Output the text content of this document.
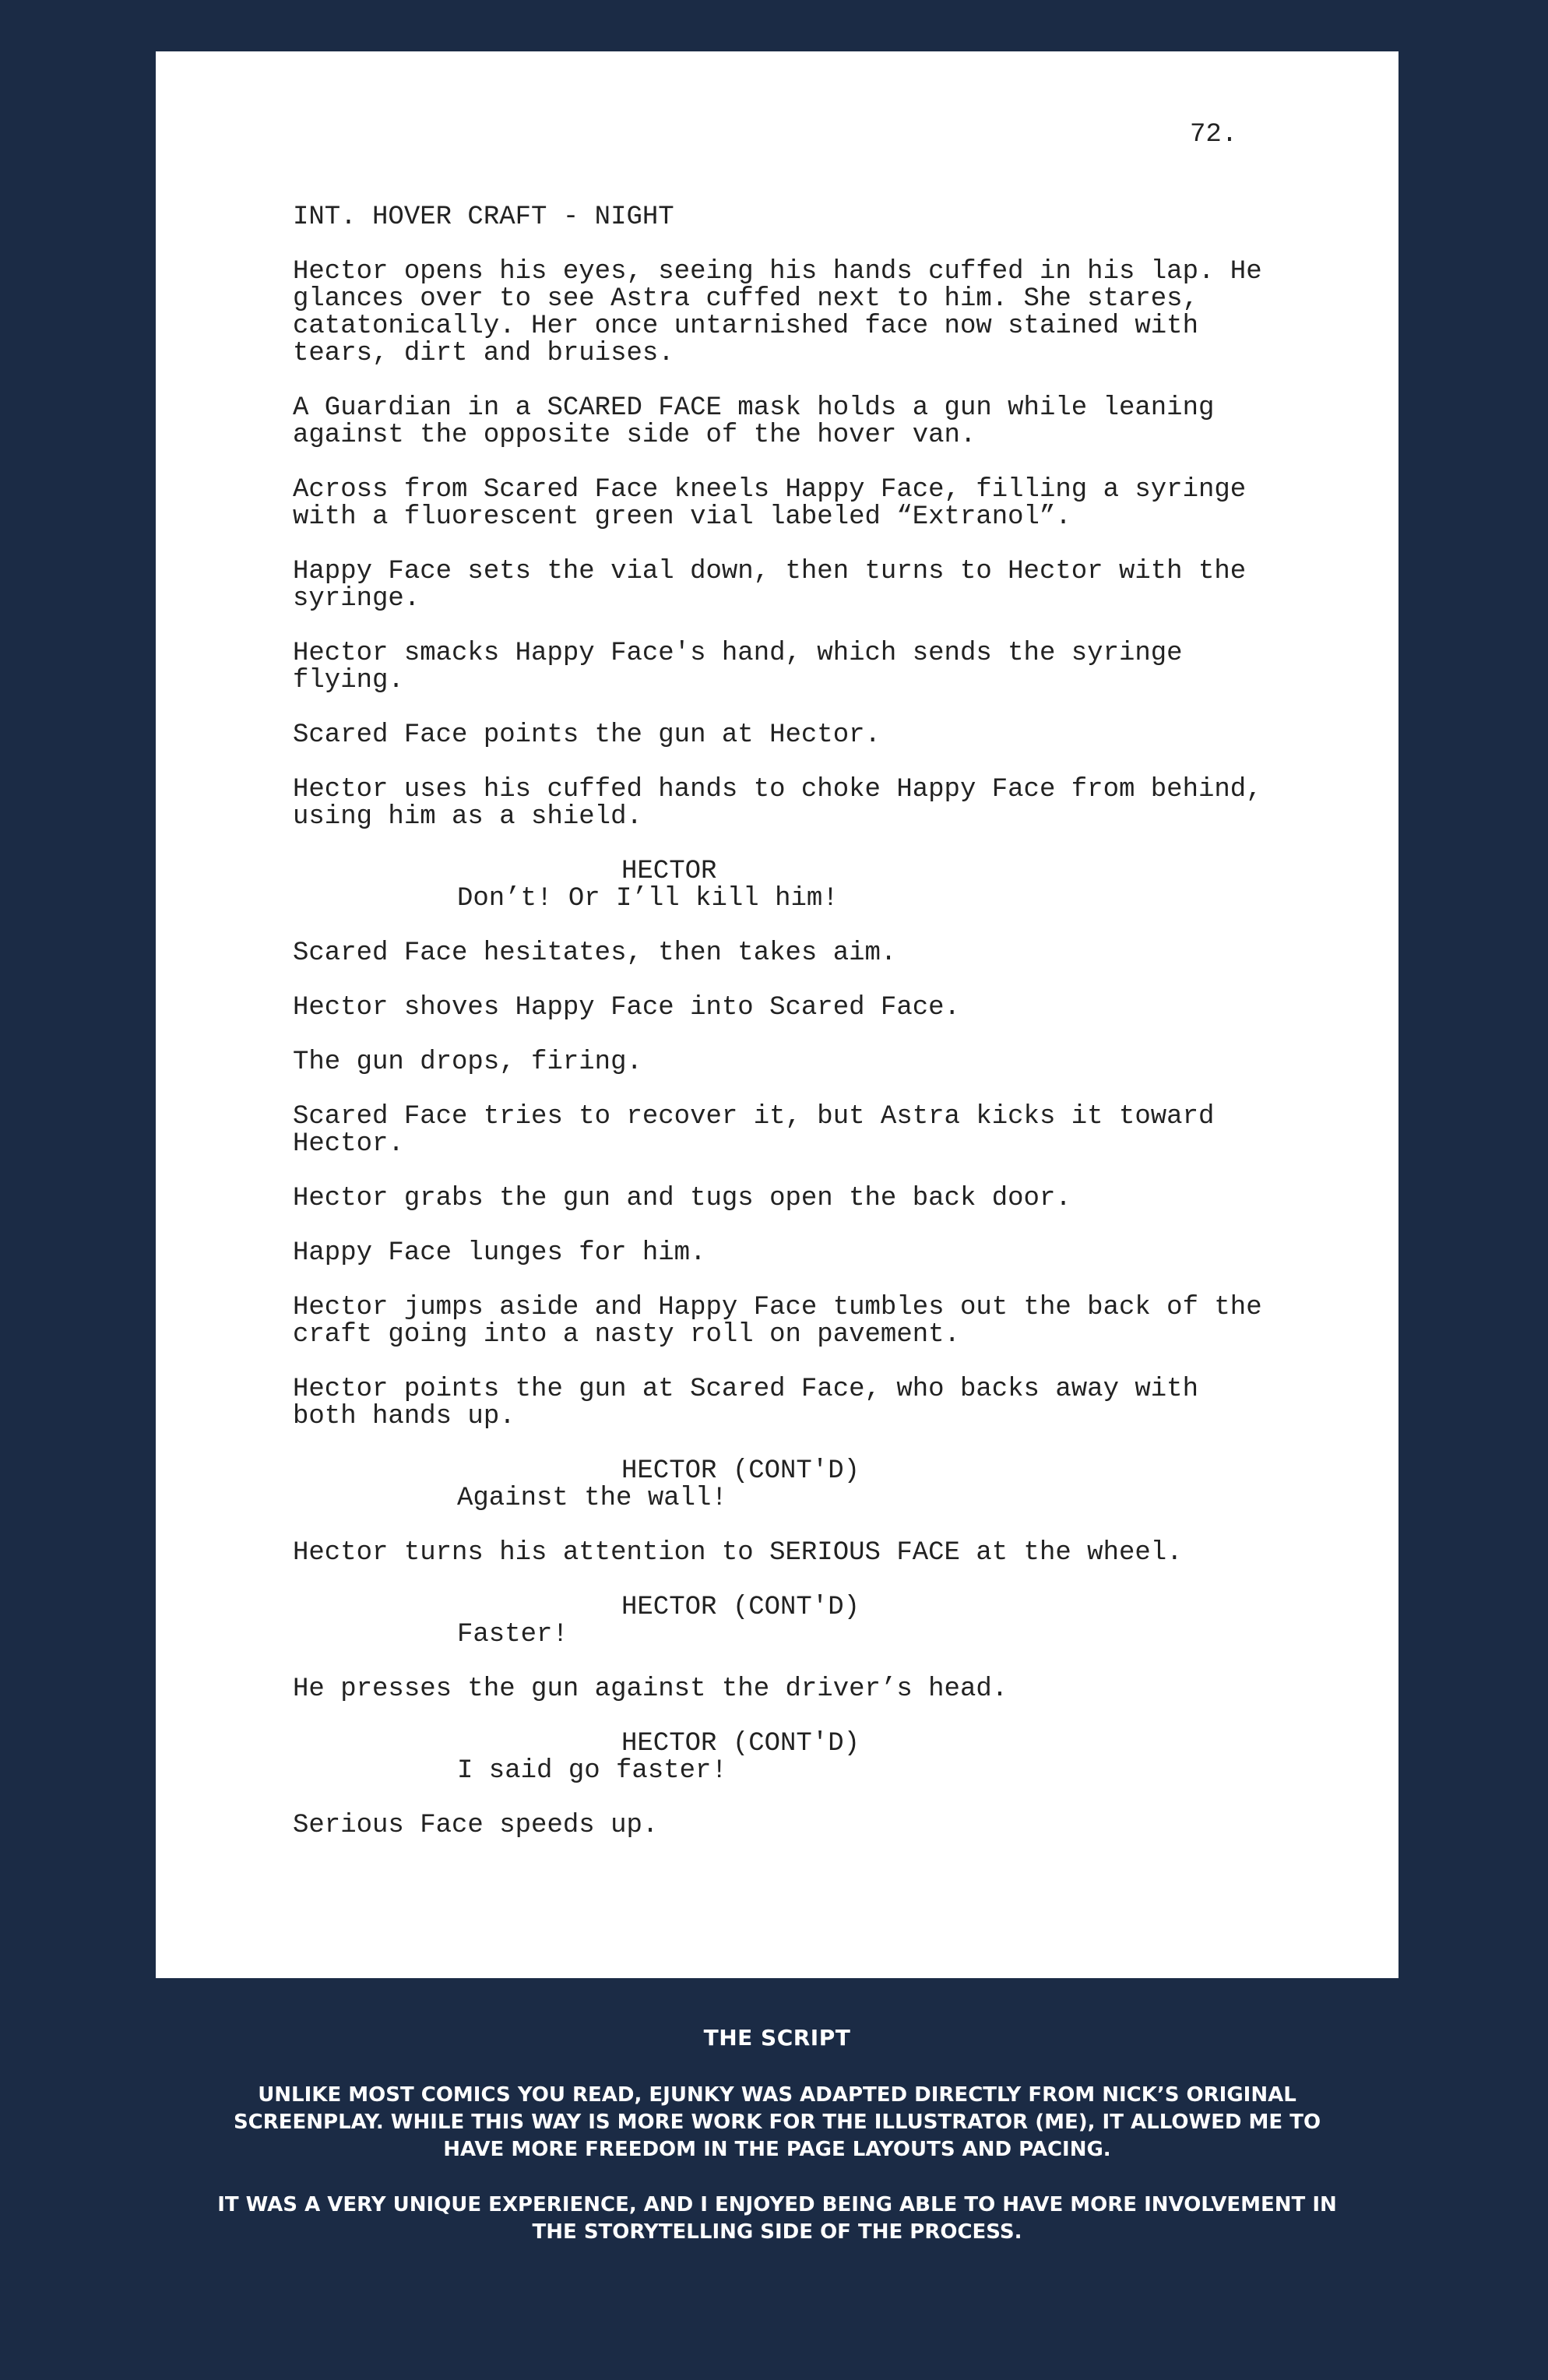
72.

INT. HOVER CRAFT - NIGHT

Hector opens his eyes, seeing his hands cuffed in his lap. He
glances over to see Astra cuffed next to him. She stares,
catatonically. Her once untarnished face now stained with
tears, dirt and bruises.

A Guardian in a SCARED FACE mask holds a gun while leaning
against the opposite side of the hover van.

Across from Scared Face kneels Happy Face, filling a syringe
with a fluorescent green vial labeled “Extranol”.

Happy Face sets the vial down, then turns to Hector with the
syringe.

Hector smacks Happy Face's hand, which sends the syringe
flying.

Scared Face points the gun at Hector.

Hector uses his cuffed hands to choke Happy Face from behind,
using him as a shield.

HECTOR

Don’t! Or I’ll kill him!

Scared Face hesitates, then takes aim.

Hector shoves Happy Face into Scared Face.

The gun drops, firing.

Scared Face tries to recover it, but Astra kicks it toward
Hector.

Hector grabs the gun and tugs open the back door.

Happy Face lunges for him.

Hector jumps aside and Happy Face tumbles out the back of the
craft going into a nasty roll on pavement.

Hector points the gun at Scared Face, who backs away with
both hands up.

HECTOR (CONT'D)

Against the wall!

Hector turns his attention to SERIOUS FACE at the wheel.

HECTOR (CONT'D)

Faster!

He presses the gun against the driver’s head.

HECTOR (CONT'D)

I said go faster!

Serious Face speeds up.

THE SCRIPT

UNLIKE MOST COMICS YOU READ, EJUNKY WAS ADAPTED DIRECTLY FROM NICK’S ORIGINAL SCREENPLAY. WHILE THIS WAY IS MORE WORK FOR THE ILLUSTRATOR (ME), IT ALLOWED ME TO HAVE MORE FREEDOM IN THE PAGE LAYOUTS AND PACING.

IT WAS A VERY UNIQUE EXPERIENCE, AND I ENJOYED BEING ABLE TO HAVE MORE INVOLVEMENT IN THE STORYTELLING SIDE OF THE PROCESS.
